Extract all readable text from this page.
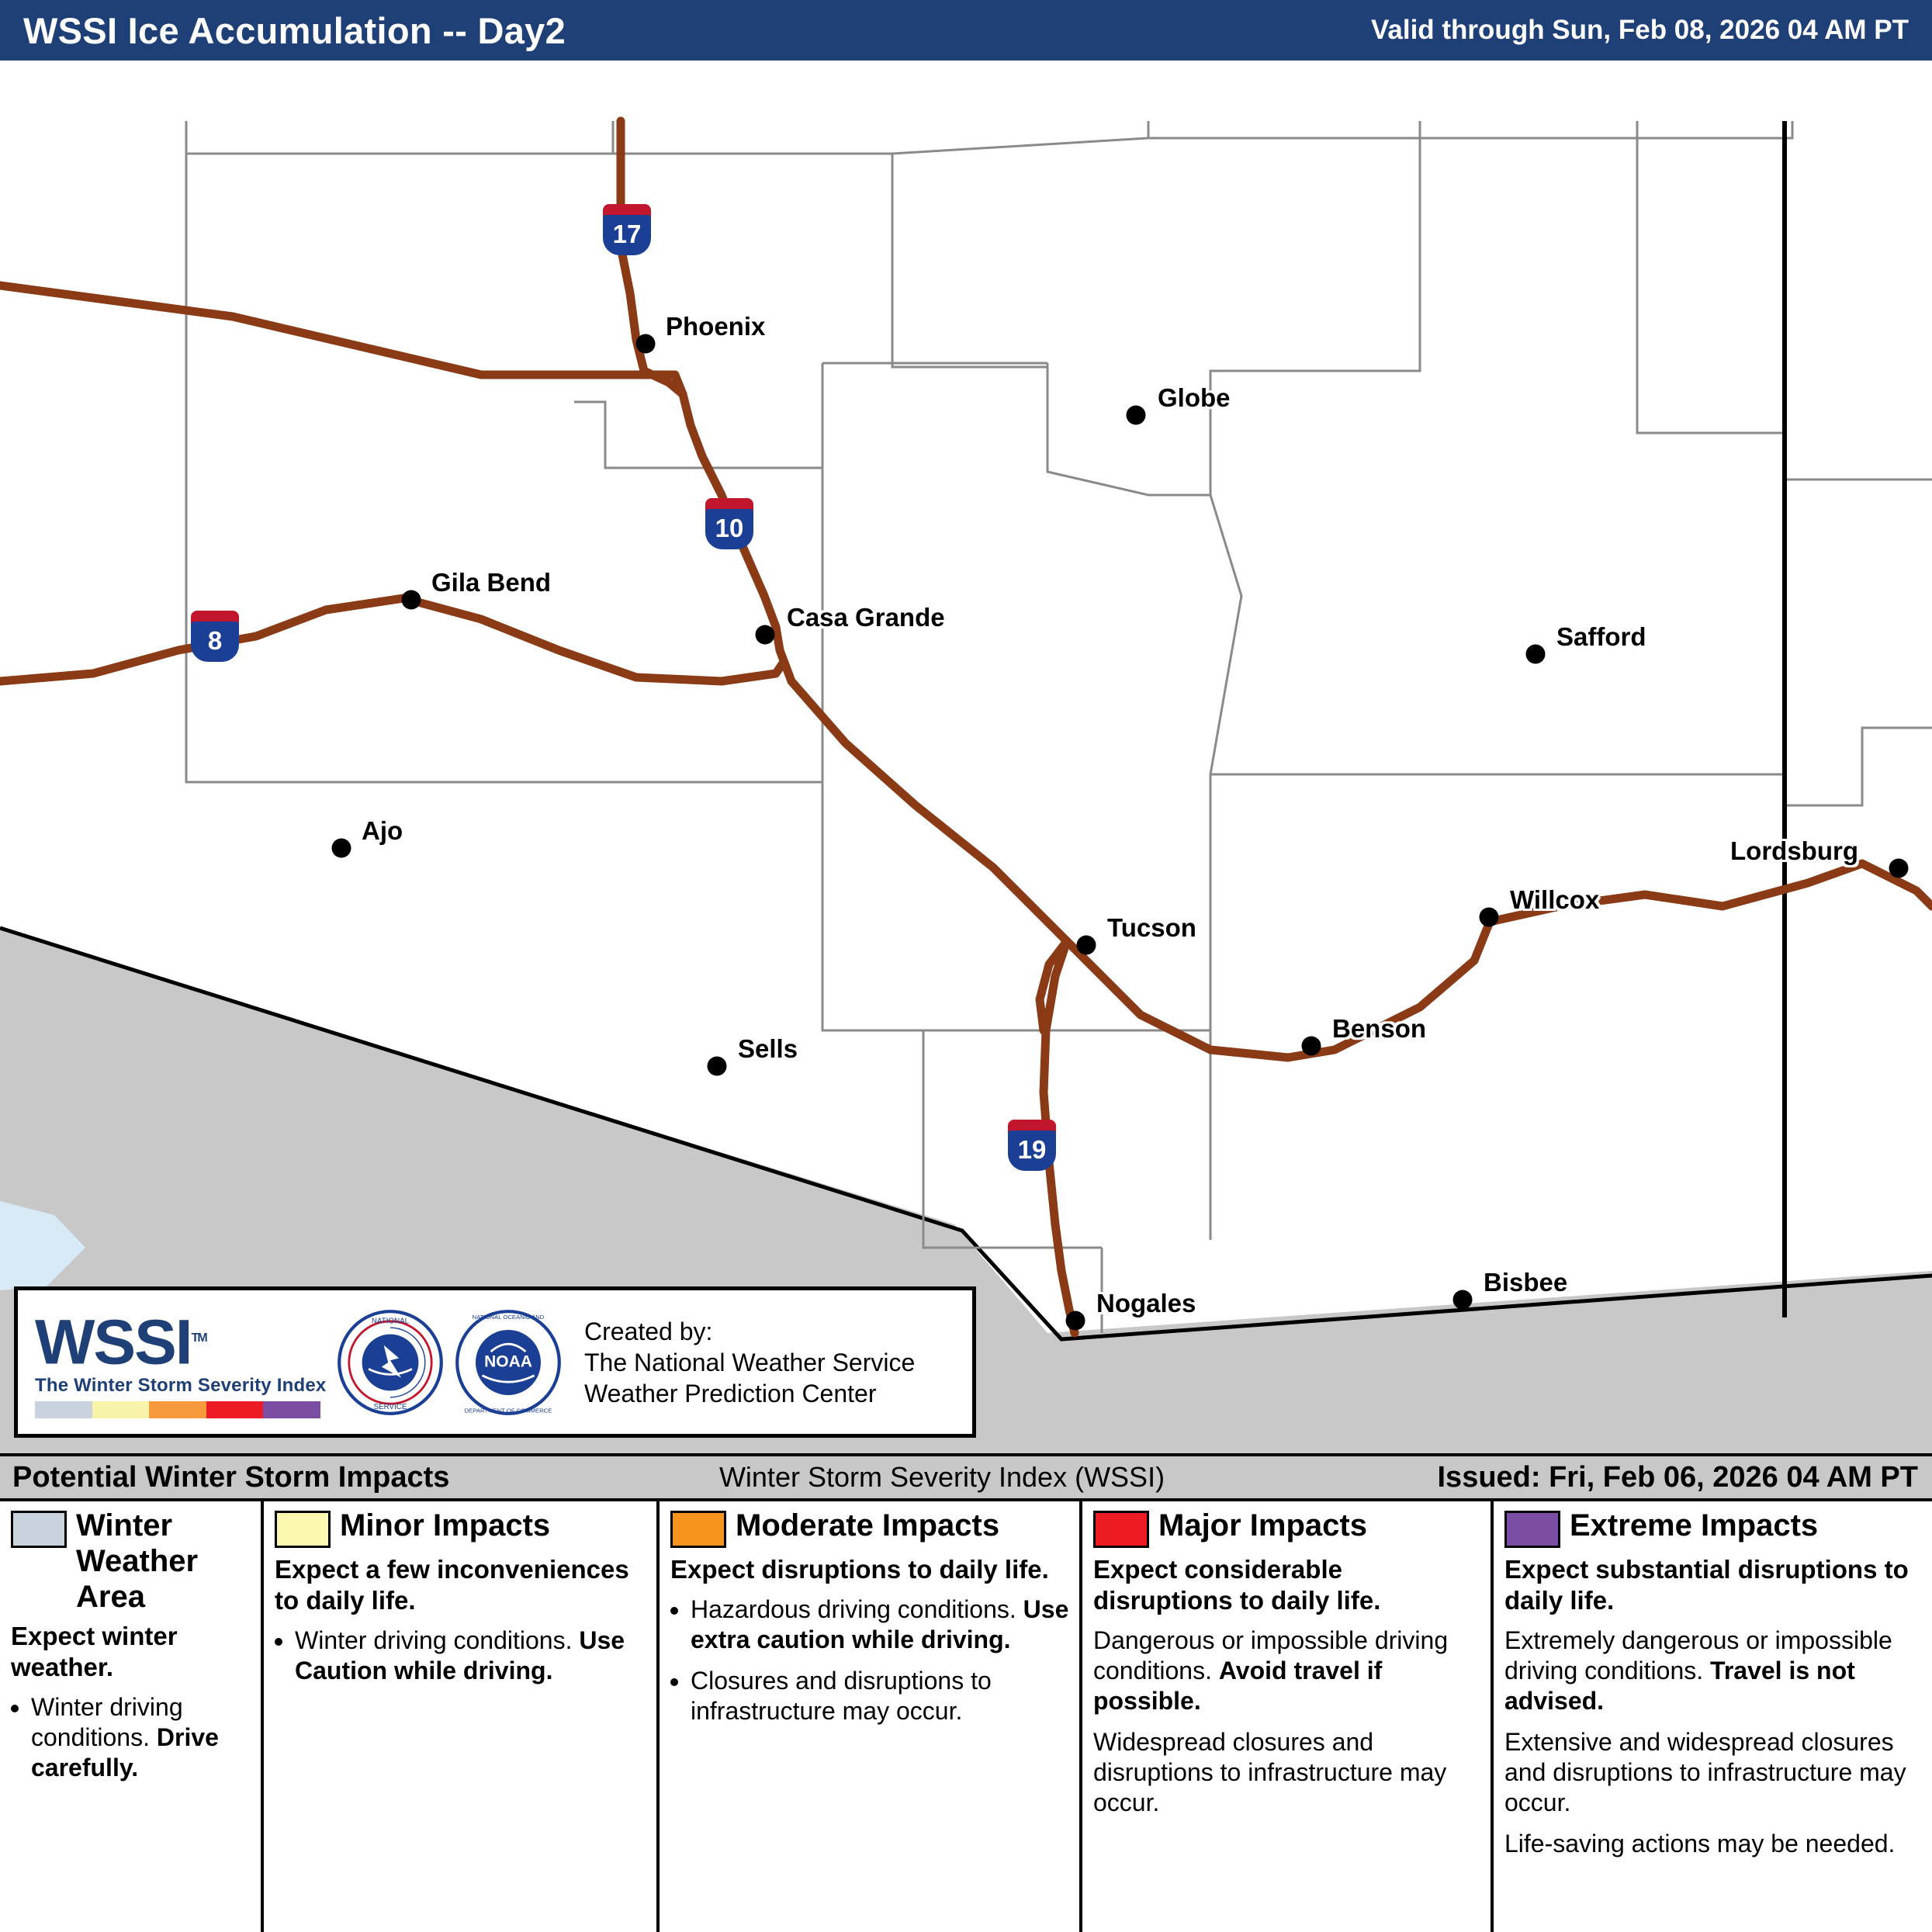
WSSI Ice Accumulation -- Day2	Valid through Sun, Feb 08, 2026 04 AM PT
Phoenix
Globe
Gila Bend
Casa Grande
Safford
Ajo
Lordsburg
Willcox
Tucson
Benson
Sells
Bisbee
Nogales
17
10
8
19
WSSI™
The Winter Storm Severity Index
NATIONAL
SERVICE
NATIONAL OCEANIC AND
DEPARTMENT OF COMMERCE
NOAA
Created by:
The National Weather Service
Weather Prediction Center
Potential Winter Storm Impacts	Winter Storm Severity Index (WSSI)	Issued: Fri, Feb 06, 2026 04 AM PT
Winter Weather Area
Expect winter weather.
• Winter driving conditions. Drive carefully.
Minor Impacts
Expect a few inconveniences to daily life.
• Winter driving conditions. Use Caution while driving.
Moderate Impacts
Expect disruptions to daily life.
• Hazardous driving conditions. Use extra caution while driving.
• Closures and disruptions to infrastructure may occur.
Major Impacts
Expect considerable disruptions to daily life.

Dangerous or impossible driving conditions. Avoid travel if possible.

Widespread closures and disruptions to infrastructure may occur.

Extreme Impacts
Expect substantial disruptions to daily life.

Extremely dangerous or impossible driving conditions. Travel is not advised.

Extensive and widespread closures and disruptions to infrastructure may occur.

Life-saving actions may be needed.
